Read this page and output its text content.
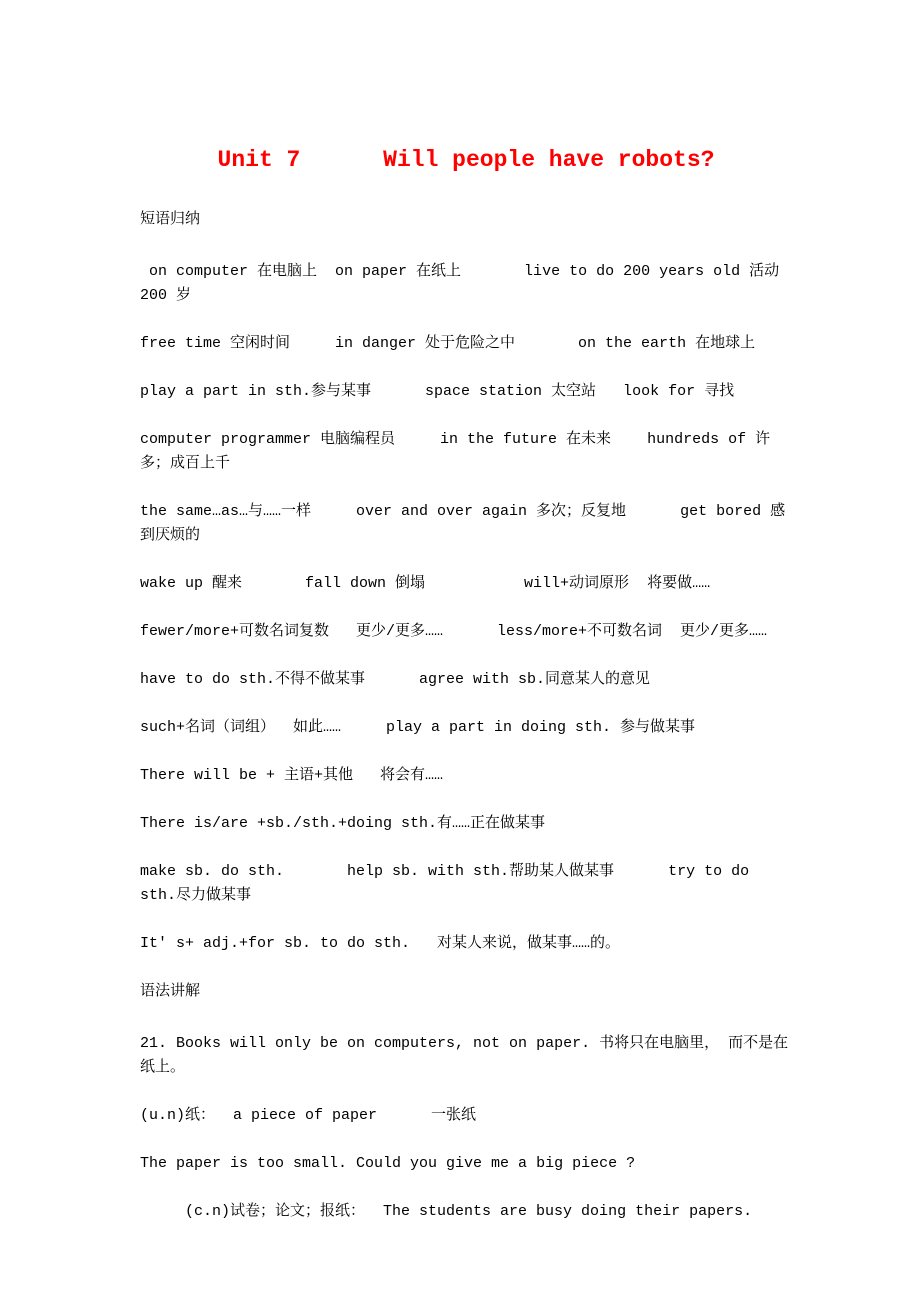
Unit 7      Will people have robots?

短语归纳

on computer 在电脑上  on paper 在纸上       live to do 200 years old 活动 200 岁

free time 空闲时间     in danger 处于危险之中       on the earth 在地球上

play a part in sth.参与某事      space station 太空站   look for 寻找

computer programmer 电脑编程员     in the future 在未来    hundreds of 许多；成百上千

the same…as…与……一样     over and over again 多次；反复地      get bored 感到厌烦的

wake up 醒来       fall down 倒塌           will+动词原形  将要做……

fewer/more+可数名词复数   更少/更多……      less/more+不可数名词  更少/更多……

have to do sth.不得不做某事      agree with sb.同意某人的意见

such+名词（词组）  如此……     play a part in doing sth. 参与做某事

There will be + 主语+其他   将会有……

There is/are +sb./sth.+doing sth.有……正在做某事

make sb. do sth.       help sb. with sth.帮助某人做某事      try to do sth.尽力做某事

It' s+ adj.+for sb. to do sth.   对某人来说，做某事……的。

语法讲解

21. Books will only be on computers, not on paper. 书将只在电脑里， 而不是在纸上。

(u.n)纸：  a piece of paper      一张纸

The paper is too small. Could you give me a big piece ?

(c.n)试卷；论文；报纸：  The students are busy doing their papers.
